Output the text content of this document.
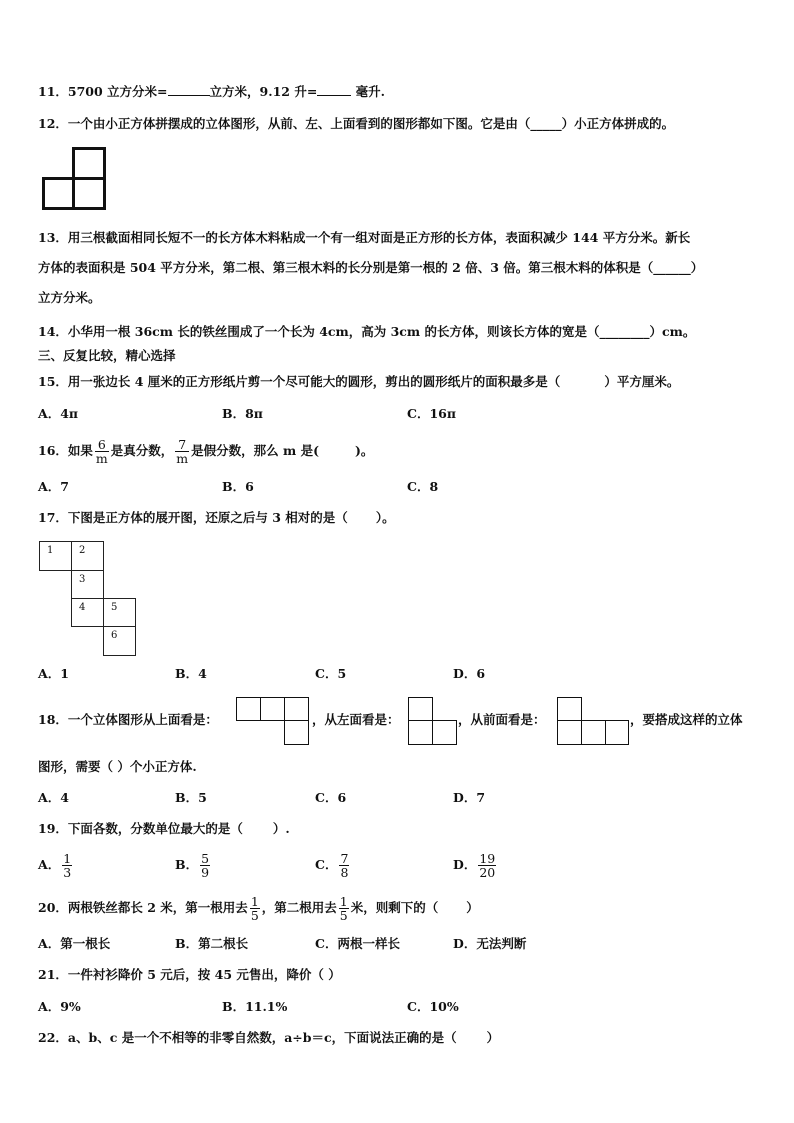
11．5700 立方分米=	立方米，9.12 升=	毫升.
12．一个由小正方体拼摆成的立体图形，从前、左、上面看到的图形都如下图。它是由（_____）小正方体拼成的。
13．用三根截面相同长短不一的长方体木料粘成一个有一组对面是正方形的长方体，表面积减少 144 平方分米。新长
方体的表面积是 504 平方分米，第二根、第三根木料的长分别是第一根的 2 倍、3 倍。第三根木料的体积是（______）
立方分米。
14．小华用一根 36cm 长的铁丝围成了一个长为 4cm，高为 3cm 的长方体，则该长方体的宽是（________）cm。
三、反复比较，精心选择
15．用一张边长 4 厘米的正方形纸片剪一个尽可能大的圆形，剪出的圆形纸片的面积最多是（	）平方厘米。
A．4π	B．8π	C．16π
16．如果 $\frac{6}{m}$ 是真分数， $\frac{7}{m}$ 是假分数，那么 m 是(	)。
A．7	B．6	C．8
17．下图是正方体的展开图，还原之后与 3 相对的是（ ）。
1	2
3
4	5
6
A．1	B．4	C．5	D．6
18．一个立体图形从上面看是：	，从左面看是：	，从前面看是：	，要搭成这样的立体
图形，需要（ ）个小正方体.
A．4	B．5	C．6	D．7
19．下面各数，分数单位最大的是（ ）.
A． $\frac{1}{3}$	B． $\frac{5}{9}$	C． $\frac{7}{8}$	D． $\frac{19}{20}$
20．两根铁丝都长 2 米，第一根用去 $\frac{1}{5}$ ，第二根用去 $\frac{1}{5}$ 米，则剩下的（ ）
A．第一根长	B．第二根长	C．两根一样长	D．无法判断
21．一件衬衫降价 5 元后，按 45 元售出，降价（ ）
A．9%	B．11.1%	C．10%
22．a、b、c 是一个不相等的非零自然数，a÷b＝c，下面说法正确的是（ ）
